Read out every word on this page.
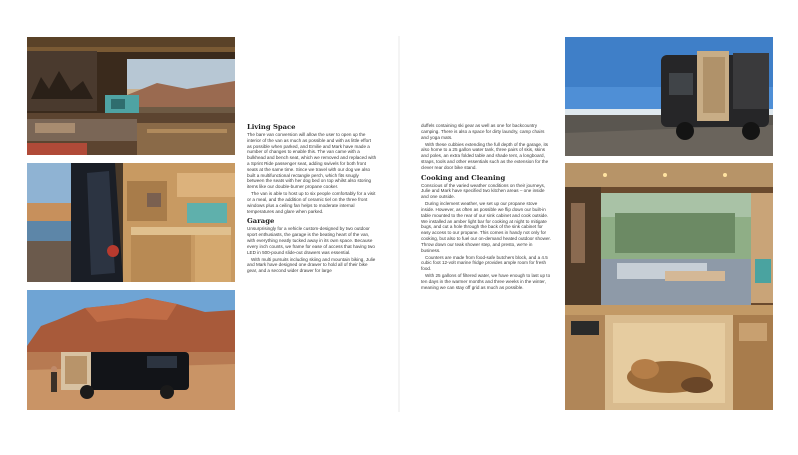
Living Space

The bare van conversion will allow the user to open up the interior of the van as much as possible and with as little effort as possible when parked, and Emilie and Mark have made a number of changes to enable this. The van came with a bulkhead and bench seat, which we removed and replaced with a Sprint Ride passenger seat, adding swivels for both front seats at the same time. Since we travel with our dog we also built a multifunctional rectangle perch, which fits snugly between the seats with her dog bed on top whilst also storing items like our double-burner propane cooker.

The van is able to host up to six people comfortably for a visit or a meal, and the addition of ceramic tiel on the three front windows plus a ceiling fan helps to moderate internal temperatures and glare when parked.

Garage

Unsurprisingly for a vehicle custom-designed by two outdoor sport enthusiasts, the garage is the beating heart of the van, with everything neatly tucked away in its own space. Because every inch counts, we frame for ease of access that having two LED in 500-pound slide-out drawers was essential.

With multi pursuits including skiing and mountain biking, Julie and Mark have designed one drawer to hold all of their bike gear, and a second wider drawer for large

duffels containing ski gear as well as one for backcountry camping. There is also a space for dirty laundry, camp chairs and yoga mats.

With these cubbies extending the full depth of the garage, its also home to a 25 gallon water tank, three pairs of skis, skins and poles, an extra folded table and shade tent, a longboard, straps, tools and other essentials such as the extension for the clever rear door bike stand.

Cooking and Cleaning

Conscious of the varied weather conditions on their journeys, Julie and Mark have specified two kitchen areas – one inside and one outside.

During inclement weather, we set up our propane stove inside. However, as often as possible we flip down our built-in table mounted to the rear of our sink cabinet and cook outside. We installed an amber light bar for cooking at night to mitigate bugs, and cut a hole through the back of the sink cabinet for easy access to our propane. This comes in handy not only for cooking, but also to fuel our on-demand heated outdoor shower. Throw down our teak shower step, and presto, we're in business.

Counters are made from food-safe butchers block, and a 4.5 cubic foot 12-volt marine fridge provides ample room for fresh food.

With 25 gallons of filtered water, we have enough to last up to ten days in the warmer months and three weeks in the winter, meaning we can stay off grid as much as possible.
